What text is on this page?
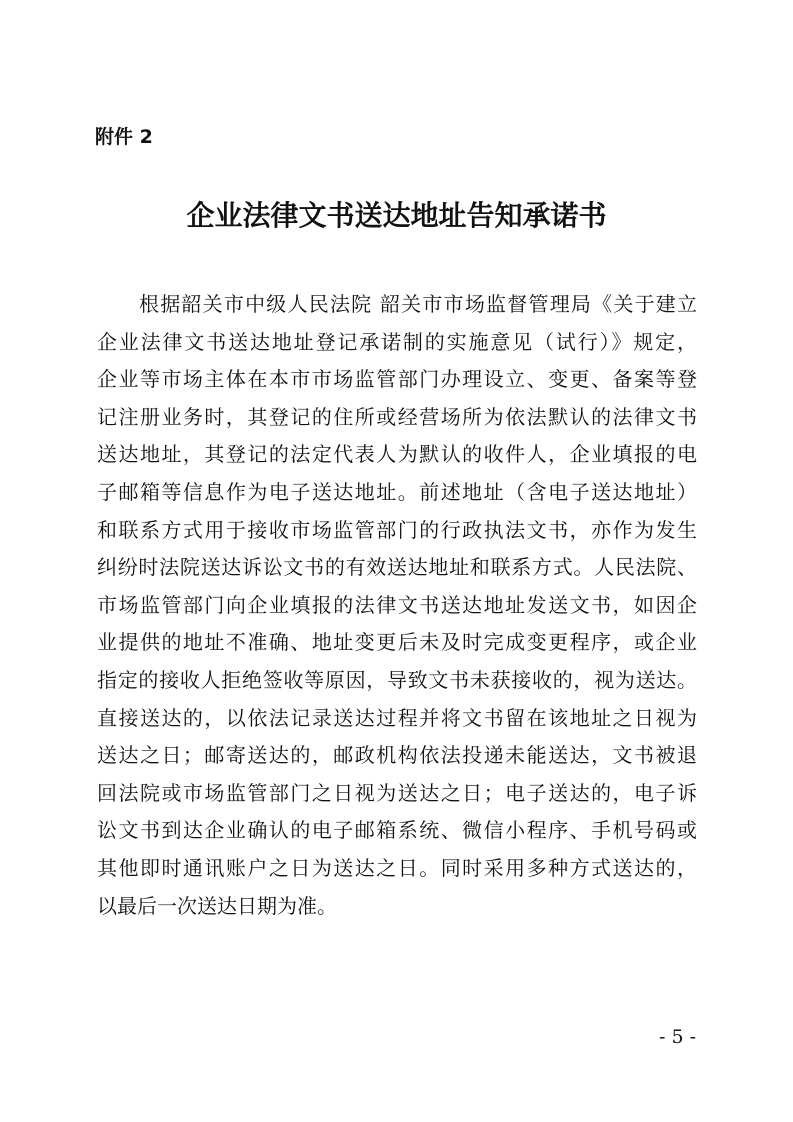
附件 2
企业法律文书送达地址告知承诺书
根据韶关市中级人民法院 韶关市市场监督管理局《关于建立
企业法律文书送达地址登记承诺制的实施意见（试行）》规定，
企业等市场主体在本市市场监管部门办理设立、变更、备案等登
记注册业务时，其登记的住所或经营场所为依法默认的法律文书
送达地址，其登记的法定代表人为默认的收件人，企业填报的电
子邮箱等信息作为电子送达地址。前述地址（含电子送达地址）
和联系方式用于接收市场监管部门的行政执法文书，亦作为发生
纠纷时法院送达诉讼文书的有效送达地址和联系方式。人民法院、
市场监管部门向企业填报的法律文书送达地址发送文书，如因企
业提供的地址不准确、地址变更后未及时完成变更程序，或企业
指定的接收人拒绝签收等原因，导致文书未获接收的，视为送达。
直接送达的，以依法记录送达过程并将文书留在该地址之日视为
送达之日；邮寄送达的，邮政机构依法投递未能送达，文书被退
回法院或市场监管部门之日视为送达之日；电子送达的，电子诉
讼文书到达企业确认的电子邮箱系统、微信小程序、手机号码或
其他即时通讯账户之日为送达之日。同时采用多种方式送达的，
以最后一次送达日期为准。
- 5 -
